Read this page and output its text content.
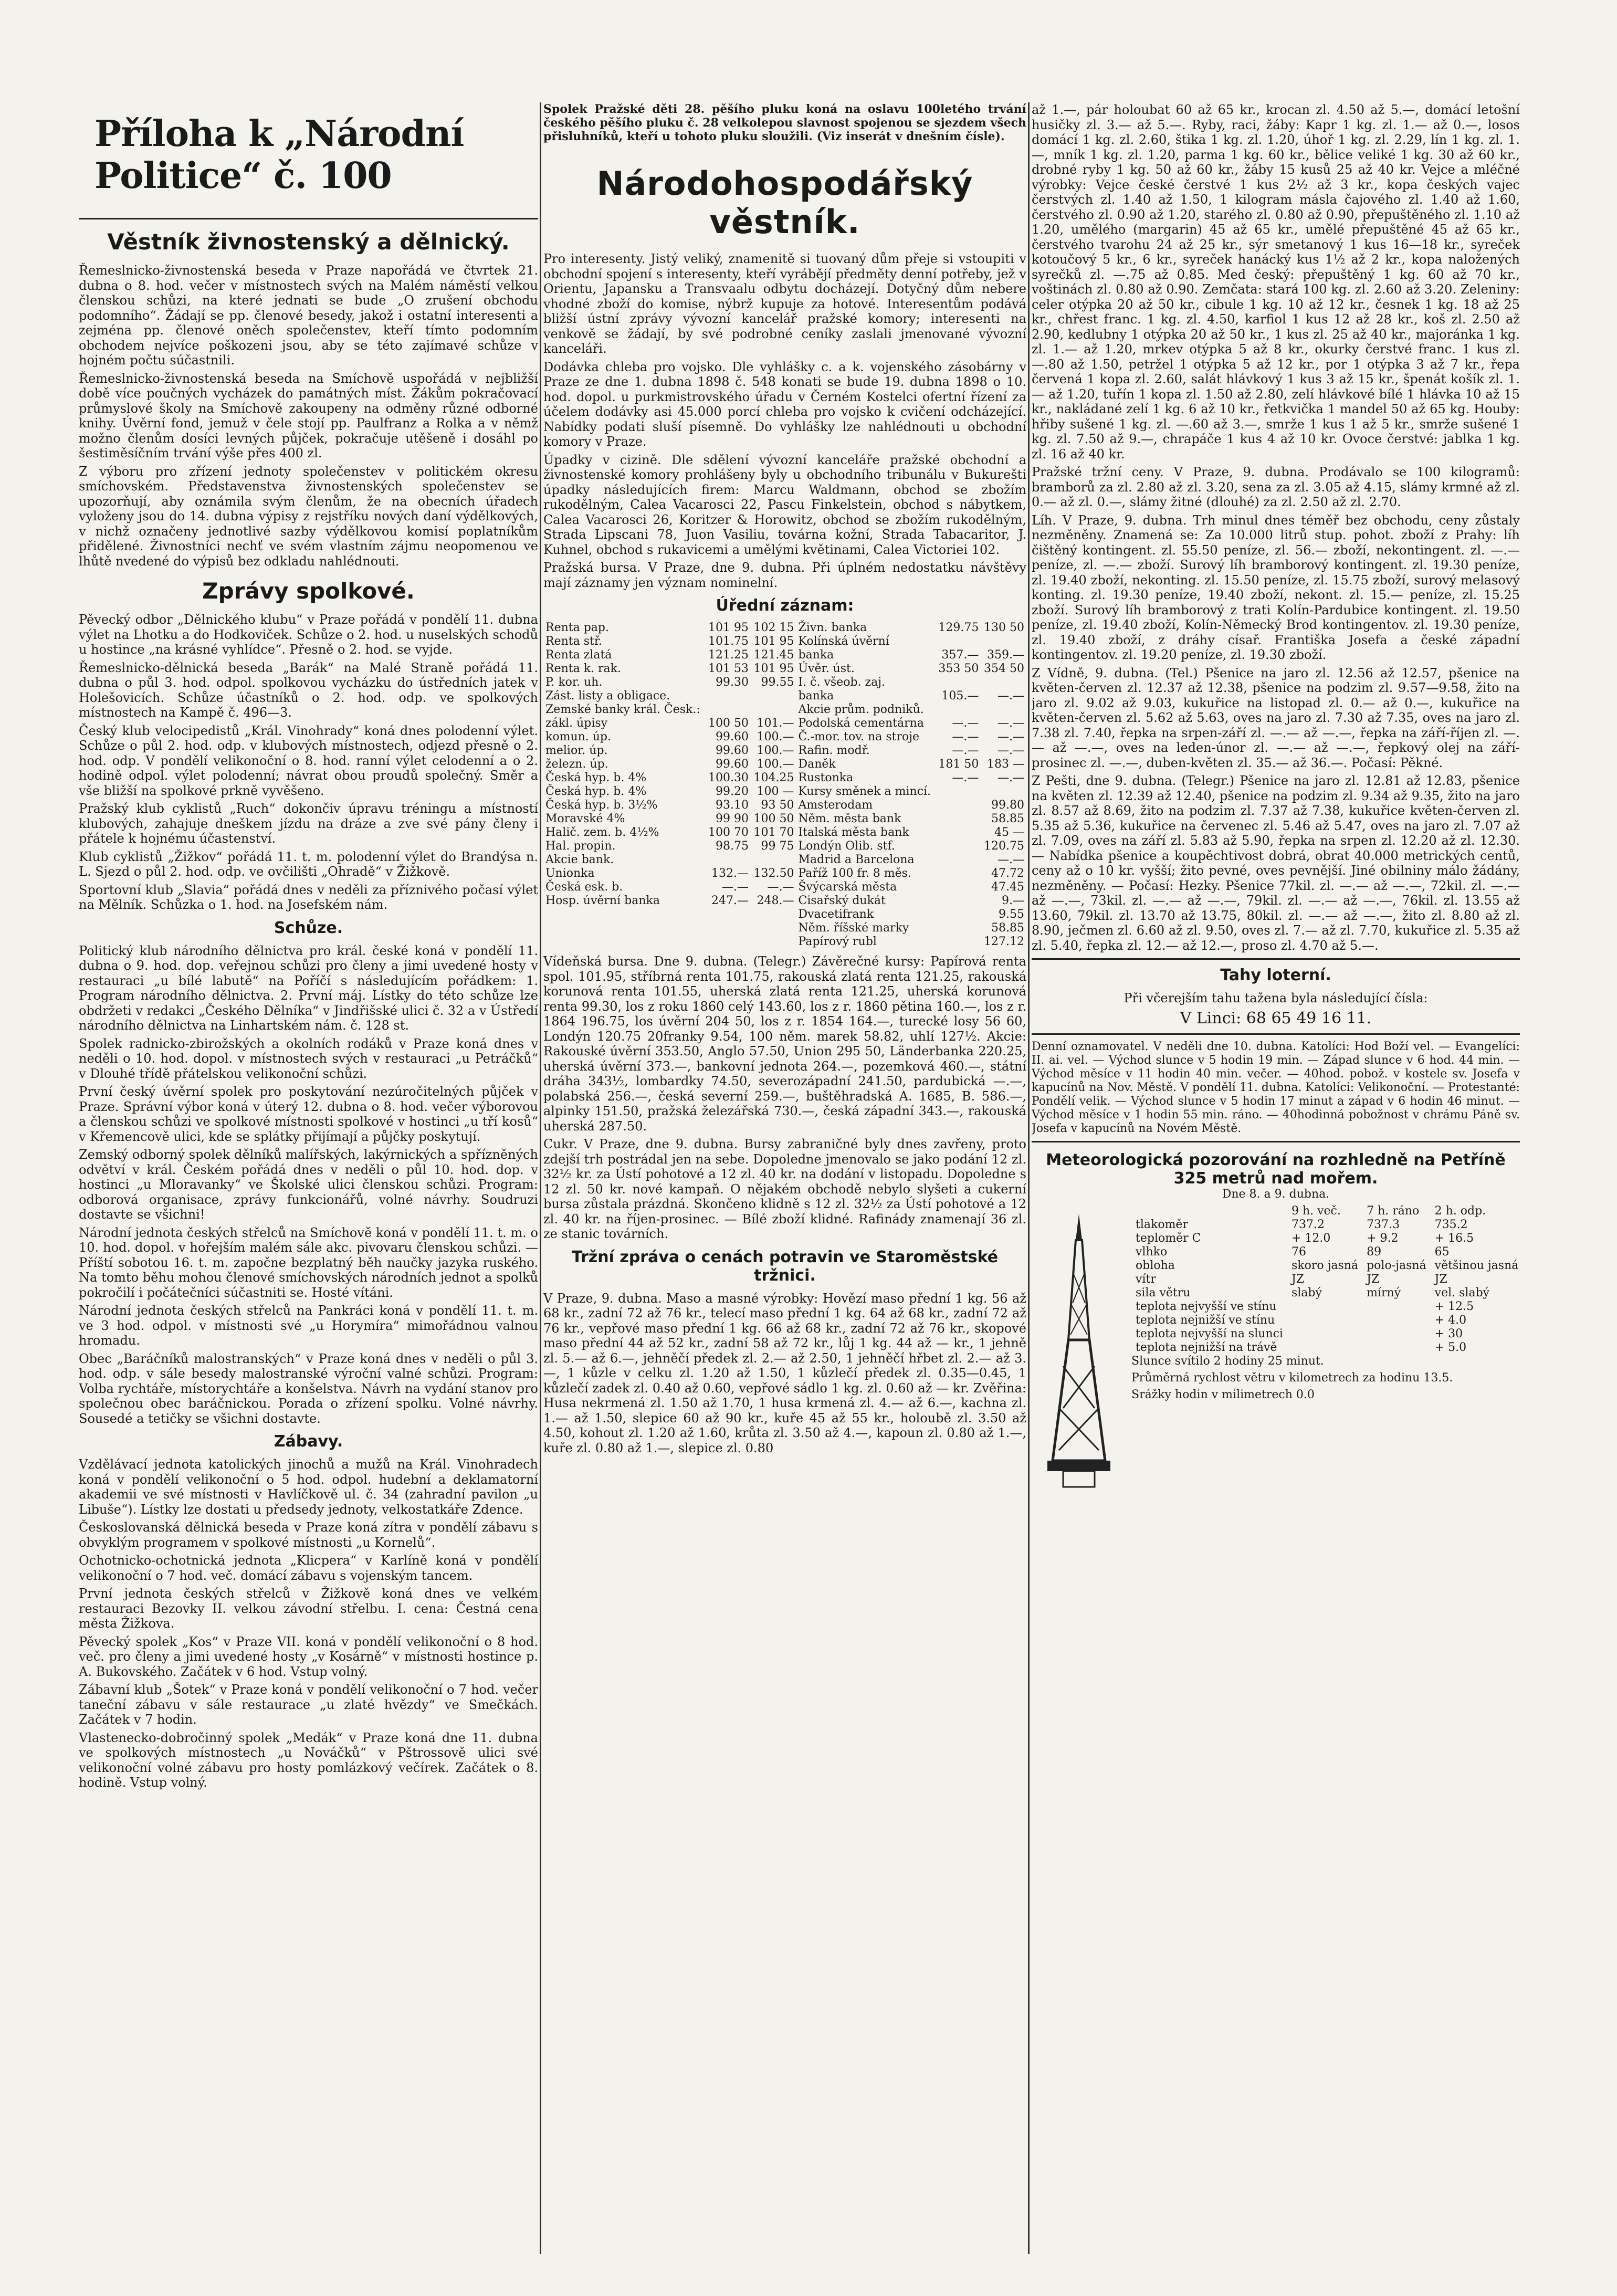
Příloha k „Národní Politice“ č. 100
Věstník živnostenský a dělnický.

Řemeslnicko-živnostenská beseda v Praze napořádá ve čtvrtek 21. dubna o 8. hod. večer v místnostech svých na Malém náměstí velkou členskou schůzi, na které jednati se bude „O zrušení obchodu podomního“. Žádají se pp. členové besedy, jakož i ostatní interesenti a zejména pp. členové oněch společenstev, kteří tímto podomním obchodem nejvíce poškozeni jsou, aby se této zajímavé schůze v hojném počtu súčastnili.

Řemeslnicko-živnostenská beseda na Smíchově uspořádá v nejbližší době více poučných vycházek do památných míst. Žákům pokračovací průmyslové školy na Smíchově zakoupeny na odměny různé odborné knihy. Úvěrní fond, jemuž v čele stojí pp. Paulfranz a Rolka a v němž možno členům dosíci levných půjček, pokračuje utěšeně i dosáhl po šestiměsíčním trvání výše přes 400 zl.

Z výboru pro zřízení jednoty společenstev v politickém okresu smíchovském. Představenstva živnostenských společenstev se upozorňují, aby oznámila svým členům, že na obecních úřadech vyloženy jsou do 14. dubna výpisy z rejstříku nových daní výdělkových, v nichž označeny jednotlivé sazby výdělkovou komisí poplatníkům přidělené. Živnostníci nechť ve svém vlastním zájmu neopomenou ve lhůtě nvedené do výpisů bez odkladu nahlédnouti.

Zprávy spolkové.

Pěvecký odbor „Dělnického klubu“ v Praze pořádá v pondělí 11. dubna výlet na Lhotku a do Hodkoviček. Schůze o 2. hod. u nuselských schodů u hostince „na krásné vyhlídce“. Přesně o 2. hod. se vyjde.

Řemeslnicko-dělnická beseda „Barák“ na Malé Straně pořádá 11. dubna o půl 3. hod. odpol. spolkovou vycházku do ústředních jatek v Holešovicích. Schůze účastníků o 2. hod. odp. ve spolkových místnostech na Kampě č. 496—3.

Český klub velocipedistů „Král. Vinohrady“ koná dnes polodenní výlet. Schůze o půl 2. hod. odp. v klubových místnostech, odjezd přesně o 2. hod. odp. V pondělí velikonoční o 8. hod. ranní výlet celodenní a o 2. hodině odpol. výlet polodenní; návrat obou proudů společný. Směr a vše bližší na spolkové prkně vyvěšeno.

Pražský klub cyklistů „Ruch“ dokončiv úpravu tréningu a místností klubových, zahajuje dneškem jízdu na dráze a zve své pány členy i přátele k hojnému účastenství.

Klub cyklistů „Žižkov“ pořádá 11. t. m. polodenní výlet do Brandýsa n. L. Sjezd o půl 2. hod. odp. ve ovčilišti „Ohradě“ v Žižkově.

Sportovní klub „Slavia“ pořádá dnes v neděli za příznivého počasí výlet na Mělník. Schůzka o 1. hod. na Josefském nám.

Schůze.

Politický klub národního dělnictva pro král. české koná v pondělí 11. dubna o 9. hod. dop. veřejnou schůzi pro členy a jimi uvedené hosty v restauraci „u bílé labutě“ na Poříčí s následujícím pořádkem: 1. Program národního dělnictva. 2. První máj. Lístky do této schůze lze obdržeti v redakci „Českého Dělníka“ v Jindřišské ulici č. 32 a v Ústředí národního dělnictva na Linhartském nám. č. 128 st.

Spolek radnicko-zbirožských a okolních rodáků v Praze koná dnes v neděli o 10. hod. dopol. v místnostech svých v restauraci „u Petráčků“ v Dlouhé třídě přátelskou velikonoční schůzi.

První český úvěrní spolek pro poskytování nezúročitelných půjček v Praze. Správní výbor koná v úterý 12. dubna o 8. hod. večer výborovou a členskou schůzi ve spolkové místnosti spolkové v hostinci „u tří kosů“ v Křemencově ulici, kde se splátky přijímají a půjčky poskytují.

Zemský odborný spolek dělníků malířských, lakýrnických a spřízněných odvětví v král. Českém pořádá dnes v neděli o půl 10. hod. dop. v hostinci „u Mloravanky“ ve Školské ulici členskou schůzi. Program: odborová organisace, zprávy funkcionářů, volné návrhy. Soudruzi dostavte se všichni!

Národní jednota českých střelců na Smíchově koná v pondělí 11. t. m. o 10. hod. dopol. v hořejším malém sále akc. pivovaru členskou schůzi. — Příští sobotou 16. t. m. započne bezplatný běh naučky jazyka ruského. Na tomto běhu mohou členové smíchovských národních jednot a spolků pokročilí i počátečníci súčastniti se. Hosté vítáni.

Národní jednota českých střelců na Pankráci koná v pondělí 11. t. m. ve 3 hod. odpol. v místnosti své „u Horymíra“ mimořádnou valnou hromadu.

Obec „Baráčníků malostranských“ v Praze koná dnes v neděli o půl 3. hod. odp. v sále besedy malostranské výroční valné schůzi. Program: Volba rychtáře, místorychtáře a konšelstva. Návrh na vydání stanov pro společnou obec baráčnickou. Porada o zřízení spolku. Volné návrhy. Sousedé a tetičky se všichni dostavte.

Zábavy.

Vzdělávací jednota katolických jinochů a mužů na Král. Vinohradech koná v pondělí velikonoční o 5 hod. odpol. hudební a deklamatorní akademii ve své místnosti v Havlíčkově ul. č. 34 (zahradní pavilon „u Libuše“). Lístky lze dostati u předsedy jednoty, velkostatkáře Zdence.

Českoslovanská dělnická beseda v Praze koná zítra v pondělí zábavu s obvyklým programem v spolkové místnosti „u Kornelů“.

Ochotnicko-ochotnická jednota „Klicpera“ v Karlíně koná v pondělí velikonoční o 7 hod. več. domácí zábavu s vojenským tancem.

První jednota českých střelců v Žižkově koná dnes ve velkém restauraci Bezovky II. velkou závodní střelbu. I. cena: Čestná cena města Žižkova.

Pěvecký spolek „Kos“ v Praze VII. koná v pondělí velikonoční o 8 hod. več. pro členy a jimi uvedené hosty „v Kosárně“ v místnosti hostince p. A. Bukovského. Začátek v 6 hod. Vstup volný.

Zábavní klub „Šotek“ v Praze koná v pondělí velikonoční o 7 hod. večer taneční zábavu v sále restaurace „u zlaté hvězdy“ ve Smečkách. Začátek v 7 hodin.

Vlastenecko-dobročinný spolek „Medák“ v Praze koná dne 11. dubna ve spolkových místnostech „u Nováčků“ v Pštrossově ulici své velikonoční volné zábavu pro hosty pomlázkový večírek. Začátek o 8. hodině. Vstup volný.

Spolek Pražské děti 28. pěšího pluku koná na oslavu 100letého trvání českého pěšího pluku č. 28 velkolepou slavnost spojenou se sjezdem všech přisluhníků, kteří u tohoto pluku sloužili. (Viz inserát v dnešním čísle).

Národohospodářský věstník.

Pro interesenty. Jistý veliký, znamenitě si tuovaný dům přeje si vstoupiti v obchodní spojení s interesenty, kteří vyrábějí předměty denní potřeby, jež v Orientu, Japansku a Transvaalu odbytu docházejí. Dotyčný dům nebere vhodné zboží do komise, nýbrž kupuje za hotové. Interesentům podává bližší ústní zprávy vývozní kancelář pražské komory; interesenti na venkově se žádají, by své podrobné ceníky zaslali jmenované vývozní kanceláři.

Dodávka chleba pro vojsko. Dle vyhlášky c. a k. vojenského zásobárny v Praze ze dne 1. dubna 1898 č. 548 konati se bude 19. dubna 1898 o 10. hod. dopol. u purkmistrovského úřadu v Černém Kostelci ofertní řízení za účelem dodávky asi 45.000 porcí chleba pro vojsko k cvičení odcházející. Nabídky podati sluší písemně. Do vyhlášky lze nahlédnouti u obchodní komory v Praze.

Úpadky v cizině. Dle sdělení vývozní kanceláře pražské obchodní a živnostenské komory prohlášeny byly u obchodního tribunálu v Bukurešti úpadky následujících firem: Marcu Waldmann, obchod se zbožím rukodělným, Calea Vacarosci 22, Pascu Finkelstein, obchod s nábytkem, Calea Vacarosci 26, Koritzer & Horowitz, obchod se zbožím rukodělným, Strada Lipscani 78, Juon Vasiliu, továrna kožní, Strada Tabacaritor, J. Kuhnel, obchod s rukavicemi a umělými květinami, Calea Victoriei 102.

Pražská bursa. V Praze, dne 9. dubna. Při úplném nedostatku návštěvy mají záznamy jen význam nominelní.

Úřední záznam:
Renta pap.	101 95	102 15	Živn. banka	129.75	130 50
Renta stř.	101.75	101 95	Kolínská úvěrní		
Renta zlatá	121.25	121.45	banka	357.—	359.—
Renta k. rak.	101 53	101 95	Úvěr. úst.	353 50	354 50
P. kor. uh.	99.30	99.55	I. č. všeob. zaj.		
Zást. listy a obligace.			banka	105.—	—.—
Zemské banky král. Česk.:			Akcie prům. podniků.		
zákl. úpisy	100 50	101.—	Podolská cementárna	—.—	—.—
komun. úp.	99.60	100.—	Č.-mor. tov. na stroje	—.—	—.—
melior. úp.	99.60	100.—	Rafin. modř.	—.—	—.—
železn. úp.	99.60	100.—	Daněk	181 50	183 —
Česká hyp. b. 4%	100.30	104.25	Rustonka	—.—	—.—
Česká hyp. b. 4%	99.20	100 —	Kursy směnek a mincí.		
Česká hyp. b. 3½%	93.10	93 50	Amsterodam		99.80
Moravské 4%	99 90	100 50	Něm. města bank		58.85
Halič. zem. b. 4½%	100 70	101 70	Italská města bank		45 —
Hal. propin.	98.75	99 75	Londýn Olib. stf.		120.75
Akcie bank.			Madrid a Barcelona		—.—
Unionka	132.—	132.50	Paříž 100 fr. 8 měs.		47.72
Česká esk. b.	—.—	—.—	Švýcarská města		47.45
Hosp. úvěrní banka	247.—	248.—	Cisařský dukát		9.—
			Dvacetifrank		9.55
			Něm. říšské marky		58.85
			Papírový rubl		127.12

Vídeňská bursa. Dne 9. dubna. (Telegr.) Závěrečné kursy: Papírová renta spol. 101.95, stříbrná renta 101.75, rakouská zlatá renta 121.25, rakouská korunová renta 101.55, uherská zlatá renta 121.25, uherská korunová renta 99.30, los z roku 1860 celý 143.60, los z r. 1860 pětina 160.—, los z r. 1864 196.75, los úvěrní 204 50, los z r. 1854 164.—, turecké losy 56 60, Londýn 120.75 20franky 9.54, 100 něm. marek 58.82, uhlí 127½. Akcie: Rakouské úvěrní 353.50, Anglo 57.50, Union 295 50, Länderbanka 220.25, uherská úvěrní 373.—, bankovní jednota 264.—, pozemková 460.—, státní dráha 343½, lombardky 74.50, severozápadní 241.50, pardubická —.—, polabská 256.—, česká severní 259.—, buštěhradská A. 1685, B. 586.—, alpinky 151.50, pražská železářská 730.—, česká západní 343.—, rakouská uherská 287.50.

Cukr. V Praze, dne 9. dubna. Bursy zabraničné byly dnes zavřeny, proto zdejší trh postrádal jen na sebe. Dopoledne jmenovalo se jako podání 12 zl. 32½ kr. za Ústí pohotové a 12 zl. 40 kr. na dodání v listopadu. Dopoledne s 12 zl. 50 kr. nové kampaň. O nějakém obchodě nebylo slyšeti a cukerní bursa zůstala prázdná. Skončeno klidně s 12 zl. 32½ za Ústí pohotové a 12 zl. 40 kr. na říjen-prosinec. — Bílé zboží klidné. Rafinády znamenají 36 zl. ze stanic továrních.

Tržní zpráva o cenách potravin ve Staroměstské tržnici.

V Praze, 9. dubna. Maso a masné výrobky: Hovězí maso přední 1 kg. 56 až 68 kr., zadní 72 až 76 kr., telecí maso přední 1 kg. 64 až 68 kr., zadní 72 až 76 kr., vepřové maso přední 1 kg. 66 až 68 kr., zadní 72 až 76 kr., skopové maso přední 44 až 52 kr., zadní 58 až 72 kr., lůj 1 kg. 44 až — kr., 1 jehně zl. 5.— až 6.—, jehněčí předek zl. 2.— až 2.50, 1 jehněčí hřbet zl. 2.— až 3.—, 1 kůzle v celku zl. 1.20 až 1.50, 1 kůzlečí předek zl. 0.35—0.45, 1 kůzlečí zadek zl. 0.40 až 0.60, vepřové sádlo 1 kg. zl. 0.60 až — kr. Zvěřina: Husa nekrmená zl. 1.50 až 1.70, 1 husa krmená zl. 4.— až 6.—, kachna zl. 1.— až 1.50, slepice 60 až 90 kr., kuře 45 až 55 kr., holoubě zl. 3.50 až 4.50, kohout zl. 1.20 až 1.60, krůta zl. 3.50 až 4.—, kapoun zl. 0.80 až 1.—, kuře zl. 0.80 až 1.—, slepice zl. 0.80

až 1.—, pár holoubat 60 až 65 kr., krocan zl. 4.50 až 5.—, domácí letošní husičky zl. 3.— až 5.—. Ryby, raci, žáby: Kapr 1 kg. zl. 1.— až 0.—, losos domácí 1 kg. zl. 2.60, štika 1 kg. zl. 1.20, úhoř 1 kg. zl. 2.29, lín 1 kg. zl. 1.—, mník 1 kg. zl. 1.20, parma 1 kg. 60 kr., bělice veliké 1 kg. 30 až 60 kr., drobné ryby 1 kg. 50 až 60 kr., žáby 15 kusů 25 až 40 kr. Vejce a mléčné výrobky: Vejce české čerstvé 1 kus 2½ až 3 kr., kopa českých vajec čerstvých zl. 1.40 až 1.50, 1 kilogram másla čajového zl. 1.40 až 1.60, čerstvého zl. 0.90 až 1.20, starého zl. 0.80 až 0.90, přepuštěného zl. 1.10 až 1.20, umělého (margarin) 45 až 65 kr., umělé přepuštěné 45 až 65 kr., čerstvého tvarohu 24 až 25 kr., sýr smetanový 1 kus 16—18 kr., syreček kotoučový 5 kr., 6 kr., syreček hanácký kus 1½ až 2 kr., kopa naložených syrečků zl. —.75 až 0.85. Med český: přepuštěný 1 kg. 60 až 70 kr., voštinách zl. 0.80 až 0.90. Zemčata: stará 100 kg. zl. 2.60 až 3.20. Zeleniny: celer otýpka 20 až 50 kr., cibule 1 kg. 10 až 12 kr., česnek 1 kg. 18 až 25 kr., chřest franc. 1 kg. zl. 4.50, karfiol 1 kus 12 až 28 kr., koš zl. 2.50 až 2.90, kedlubny 1 otýpka 20 až 50 kr., 1 kus zl. 25 až 40 kr., majoránka 1 kg. zl. 1.— až 1.20, mrkev otýpka 5 až 8 kr., okurky čerstvé franc. 1 kus zl. —.80 až 1.50, petržel 1 otýpka 5 až 12 kr., por 1 otýpka 3 až 7 kr., řepa červená 1 kopa zl. 2.60, salát hlávkový 1 kus 3 až 15 kr., špenát košík zl. 1.— až 1.20, tuřín 1 kopa zl. 1.50 až 2.80, zelí hlávkové bílé 1 hlávka 10 až 15 kr., nakládané zelí 1 kg. 6 až 10 kr., řetkvička 1 mandel 50 až 65 kg. Houby: hřiby sušené 1 kg. zl. —.60 až 3.—, smrže 1 kus 1 až 5 kr., smrže sušené 1 kg. zl. 7.50 až 9.—, chrapáče 1 kus 4 až 10 kr. Ovoce čerstvé: jablka 1 kg. zl. 16 až 40 kr.

Pražské tržní ceny. V Praze, 9. dubna. Prodávalo se 100 kilogramů: bramborů za zl. 2.80 až zl. 3.20, sena za zl. 3.05 až 4.15, slámy krmné až zl. 0.— až zl. 0.—, slámy žitné (dlouhé) za zl. 2.50 až zl. 2.70.

Líh. V Praze, 9. dubna. Trh minul dnes téměř bez obchodu, ceny zůstaly nezměněny. Znamená se: Za 10.000 litrů stup. pohot. zboží z Prahy: líh čištěný kontingent. zl. 55.50 peníze, zl. 56.— zboží, nekontingent. zl. —.— peníze, zl. —.— zboží. Surový líh bramborový kontingent. zl. 19.30 peníze, zl. 19.40 zboží, nekonting. zl. 15.50 peníze, zl. 15.75 zboží, surový melasový konting. zl. 19.30 peníze, 19.40 zboží, nekont. zl. 15.— peníze, zl. 15.25 zboží. Surový líh bramborový z trati Kolín-Pardubice kontingent. zl. 19.50 peníze, zl. 19.40 zboží, Kolín-Německý Brod kontingentov. zl. 19.30 peníze, zl. 19.40 zboží, z dráhy císař. Františka Josefa a české západní kontingentov. zl. 19.20 peníze, zl. 19.30 zboží.

Z Vídně, 9. dubna. (Tel.) Pšenice na jaro zl. 12.56 až 12.57, pšenice na květen-červen zl. 12.37 až 12.38, pšenice na podzim zl. 9.57—9.58, žito na jaro zl. 9.02 až 9.03, kukuřice na listopad zl. 0.— až 0.—, kukuřice na květen-červen zl. 5.62 až 5.63, oves na jaro zl. 7.30 až 7.35, oves na jaro zl. 7.38 zl. 7.40, řepka na srpen-září zl. —.— až —.—, řepka na září-říjen zl. —.— až —.—, oves na leden-únor zl. —.— až —.—, řepkový olej na září-prosinec zl. —.—, duben-květen zl. 35.— až 36.—. Počasí: Pěkné.

Z Pešti, dne 9. dubna. (Telegr.) Pšenice na jaro zl. 12.81 až 12.83, pšenice na květen zl. 12.39 až 12.40, pšenice na podzim zl. 9.34 až 9.35, žito na jaro zl. 8.57 až 8.69, žito na podzim zl. 7.37 až 7.38, kukuřice květen-červen zl. 5.35 až 5.36, kukuřice na červenec zl. 5.46 až 5.47, oves na jaro zl. 7.07 až zl. 7.09, oves na září zl. 5.83 až 5.90, řepka na srpen zl. 12.20 až zl. 12.30. — Nabídka pšenice a koupěchtivost dobrá, obrat 40.000 metrických centů, ceny až o 10 kr. vyšší; žito pevné, oves pevnější. Jiné obilniny málo žádány, nezměněny. — Počasí: Hezky. Pšenice 77kil. zl. —.— až —.—, 72kil. zl. —.— až —.—, 73kil. zl. —.— až —.—, 79kil. zl. —.— až —.—, 76kil. zl. 13.55 až 13.60, 79kil. zl. 13.70 až 13.75, 80kil. zl. —.— až —.—, žito zl. 8.80 až zl. 8.90, ječmen zl. 6.60 až zl. 9.50, oves zl. 7.— až zl. 7.70, kukuřice zl. 5.35 až zl. 5.40, řepka zl. 12.— až 12.—, proso zl. 4.70 až 5.—.

Tahy loterní.

Při včerejším tahu tažena byla následující čísla:

V Linci: 68 65 49 16 11.

Denní oznamovatel. V neděli dne 10. dubna. Katolíci: Hod Boží vel. — Evangelíci: II. ai. vel. — Východ slunce v 5 hodin 19 min. — Západ slunce v 6 hod. 44 min. — Východ měsíce v 11 hodin 40 min. večer. — 40hod. pobož. v kostele sv. Josefa v kapucínů na Nov. Městě. V pondělí 11. dubna. Katolíci: Velikonoční. — Protestanté: Pondělí velik. — Východ slunce v 5 hodin 17 minut a západ v 6 hodin 46 minut. — Východ měsíce v 1 hodin 55 min. ráno. — 40hodinná pobožnost v chrámu Páně sv. Josefa v kapucínů na Novém Městě.

Meteorologická pozorování na rozhledně na Petříně 325 metrů nad mořem.

Dne 8. a 9. dubna.

	9 h. več.	7 h. ráno	2 h. odp.
tlakoměr	737.2	737.3	735.2
teploměr C	+ 12.0	+ 9.2	+ 16.5
vlhko	76	89	65
obloha	skoro jasná	polo-jasná	většinou jasná
vítr	JZ	JZ	JZ
sila větru	slabý	mírný	vel. slabý
teplota nejvyšší ve stínu			+ 12.5
teplota nejnižší ve stínu			+ 4.0
teplota nejvyšší na slunci			+ 30
teplota nejnižší na trávě			+ 5.0

Slunce svítilo 2 hodiny 25 minut.

Průměrná rychlost větru v kilometrech za hodinu 13.5.

Srážky hodin v milimetrech 0.0
